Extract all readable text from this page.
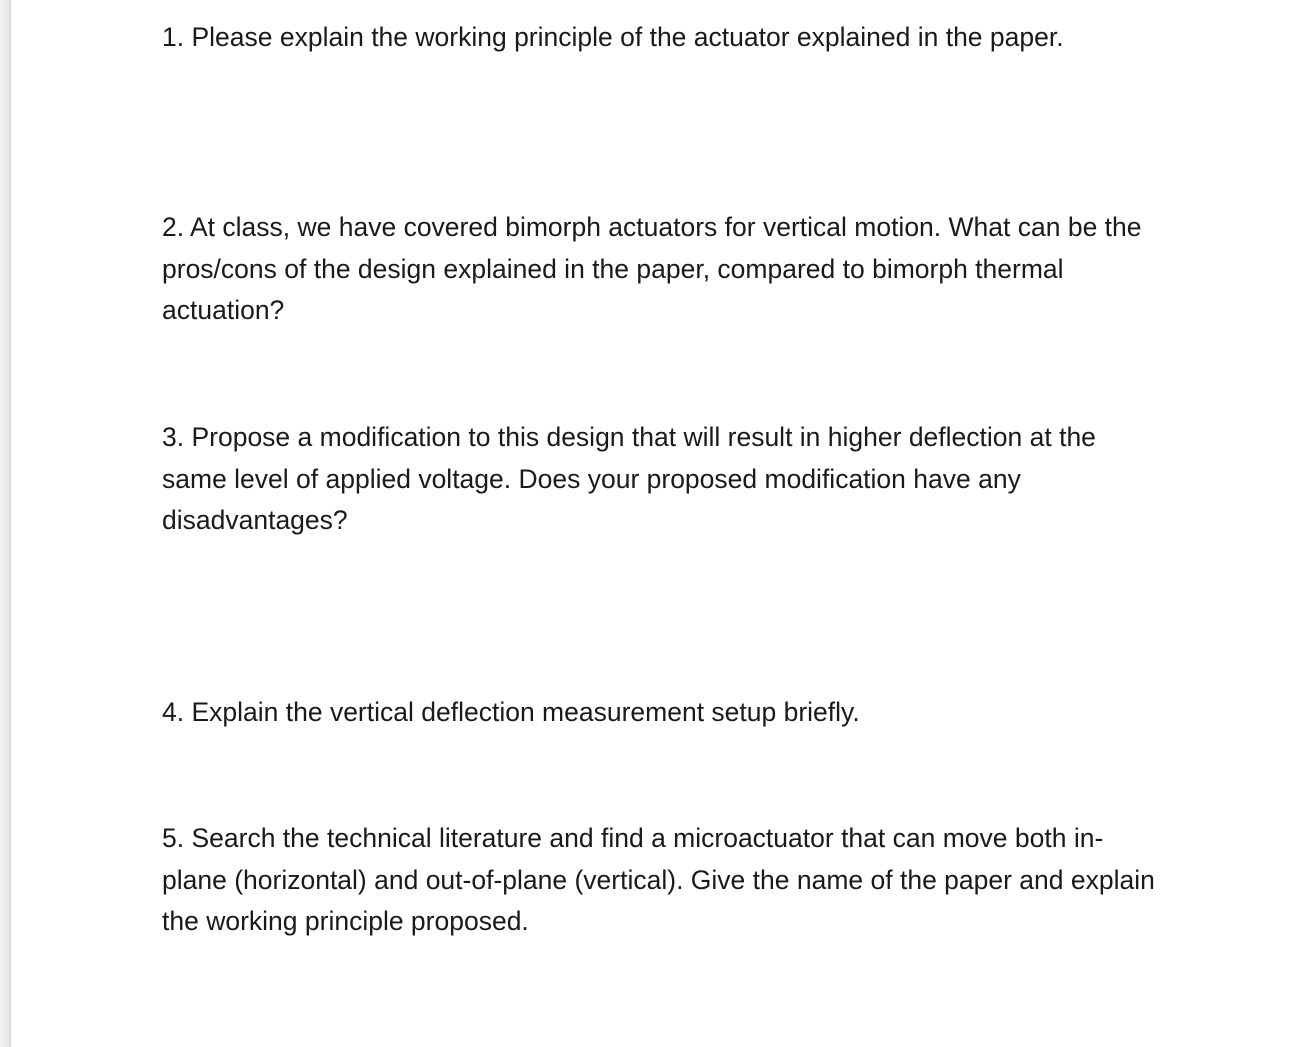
1. Please explain the working principle of the actuator explained in the paper.

2. At class, we have covered bimorph actuators for vertical motion. What can be the
pros/cons of the design explained in the paper, compared to bimorph thermal
actuation?

3. Propose a modification to this design that will result in higher deflection at the
same level of applied voltage. Does your proposed modification have any
disadvantages?

4. Explain the vertical deflection measurement setup briefly.

5. Search the technical literature and find a microactuator that can move both in-
plane (horizontal) and out-of-plane (vertical). Give the name of the paper and explain
the working principle proposed.
